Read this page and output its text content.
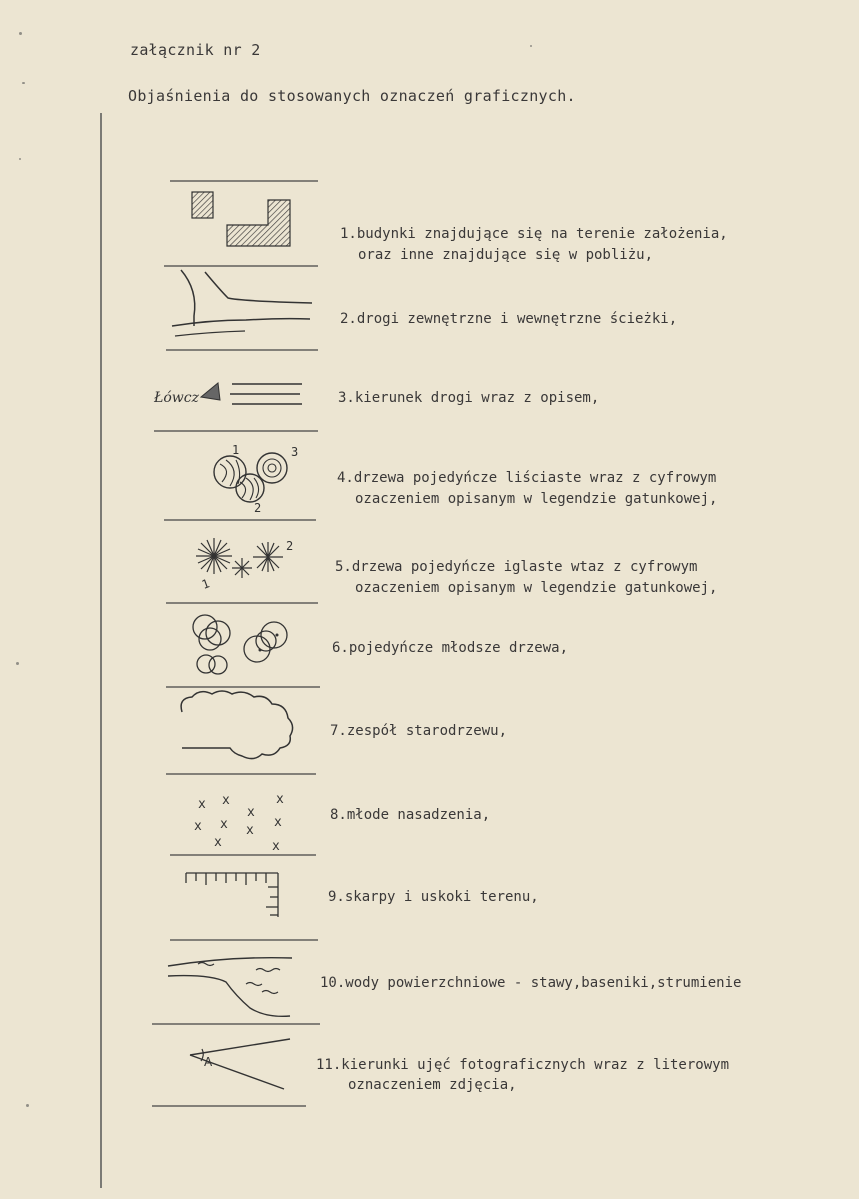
załącznik nr 2
Objaśnienia do stosowanych oznaczeń graficznych.
1.budynki znajdujące się na terenie założenia,
oraz inne znajdujące się w pobliżu,
2.drogi zewnętrzne i wewnętrzne ścieżki,
Łówcz	3.kierunek drogi wraz z opisem,
1	3
2
4.drzewa pojedyńcze liściaste wraz z cyfrowym
ozaczeniem opisanym w legendzie gatunkowej,
1
2
5.drzewa pojedyńcze iglaste wtaz z cyfrowym
ozaczeniem opisanym w legendzie gatunkowej,
6.pojedyńcze młodsze drzewa,
7.zespół starodrzewu,
x x	x
x
x
x	x
x
x	x
8.młode nasadzenia,
9.skarpy i uskoki terenu,
10.wody powierzchniowe - stawy,baseniki,strumienie
A	11.kierunki ujęć fotograficznych wraz z literowym
oznaczeniem zdjęcia,
